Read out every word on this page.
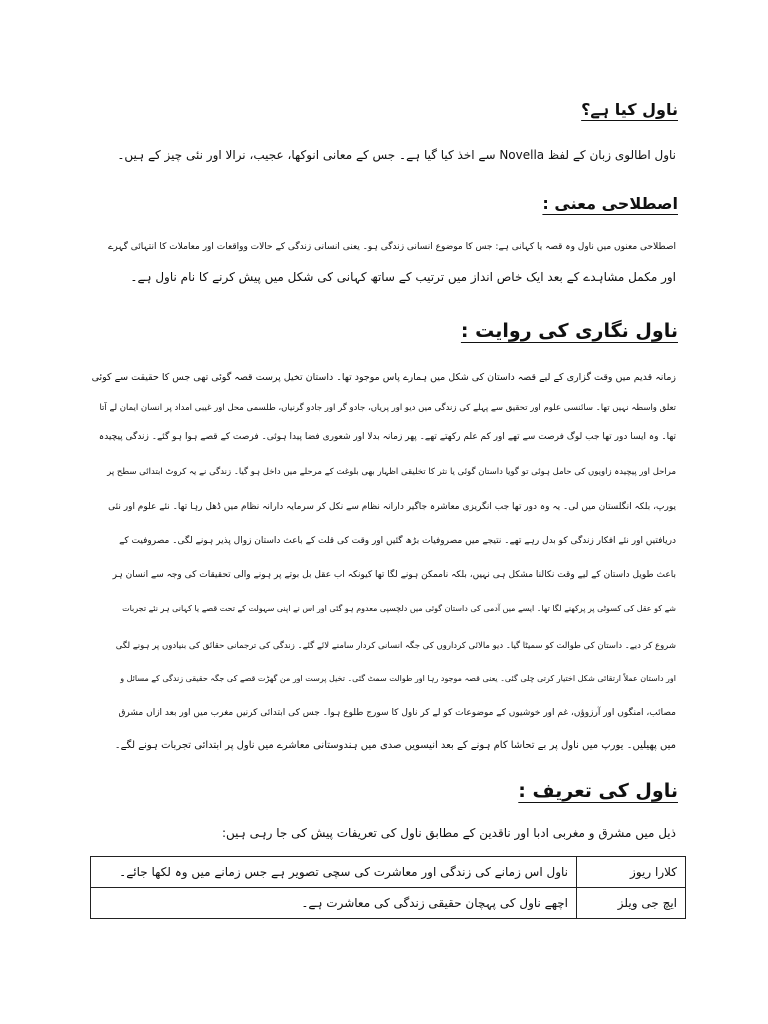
ناول کیا ہے؟
ناول اطالوی زبان کے لفظ Novella سے اخذ کیا گیا ہے۔ جس کے معانی انوکھا، عجیب، نرالا اور نئی چیز کے ہیں۔
اصطلاحی معنی :
اصطلاحی معنوں میں ناول وہ قصہ یا کہانی ہے: جس کا موضوع انسانی زندگی ہو۔ یعنی انسانی زندگی کے حالات وواقعات اور معاملات کا انتہائی گہرے
اور مکمل مشاہدے کے بعد ایک خاص انداز میں ترتیب کے ساتھ کہانی کی شکل میں پیش کرنے کا نام ناول ہے۔
ناول نگاری کی روایت :
زمانہ قدیم میں وقت گزاری کے لیے قصہ داستان کی شکل میں ہمارے پاس موجود تھا۔ داستان تخیل پرست قصہ گوئی تھی جس کا حقیقت سے کوئی
تعلق واسطہ نہیں تھا۔ سائنسی علوم اور تحقیق سے پہلے کی زندگی میں دیو اور پریاں، جادو گر اور جادو گرنیاں، طلسمی محل اور غیبی امداد پر انسان ایمان لے آتا
تھا۔ وہ ایسا دور تھا جب لوگ فرصت سے تھے اور کم علم رکھتے تھے۔ پھر زمانہ بدلا اور شعوری فضا پیدا ہوئی۔ فرصت کے قصے ہوا ہو گئے۔ زندگی پیچیدہ
مراحل اور پیچیدہ زاویوں کی حامل ہوئی تو گویا داستان گوئی یا نثر کا تخلیقی اظہار بھی بلوغت کے مرحلے میں داخل ہو گیا۔ زندگی نے یہ کروٹ ابتدائی سطح پر
یورپ، بلکہ انگلستان میں لی۔ یہ وہ دور تھا جب انگریزی معاشرہ جاگیر دارانہ نظام سے نکل کر سرمایہ دارانہ نظام میں ڈھل رہا تھا۔ نئے علوم اور نئی
دریافتیں اور نئے افکار زندگی کو بدل رہے تھے۔ نتیجے میں مصروفیات بڑھ گئیں اور وقت کی قلت کے باعث داستان زوال پذیر ہونے لگی۔ مصروفیت کے
باعث طویل داستان کے لیے وقت نکالنا مشکل ہی نہیں، بلکہ ناممکن ہونے لگا تھا کیونکہ اب عقل بل بوتے پر ہونے والی تحقیقات کی وجہ سے انسان ہر
شے کو عقل کی کسوٹی پر پرکھنے لگا تھا۔ ایسے میں آدمی کی داستان گوئی میں دلچسپی معدوم ہو گئی اور اس نے اپنی سہولت کے تحت قصے یا کہانی ہر نئے تجربات
شروع کر دیے۔ داستان کی طوالت کو سمیٹا گیا۔ دیو مالائی کرداروں کی جگہ انسانی کردار سامنے لائے گئے۔ زندگی کی ترجمانی حقائق کی بنیادوں پر ہونے لگی
اور داستان عملاً ارتقائی شکل اختیار کرتی چلی گئی۔ یعنی قصہ موجود رہا اور طوالت سمٹ گئی۔ تخیل پرست اور من گھڑت قصے کی جگہ حقیقی زندگی کے مسائل و
مصائب، امنگوں اور آرزوؤں، غم اور خوشیوں کے موضوعات کو لے کر ناول کا سورج طلوع ہوا۔ جس کی ابتدائی کرنیں مغرب میں اور بعد ازاں مشرق
میں پھیلیں۔ یورپ میں ناول پر بے تحاشا کام ہونے کے بعد انیسویں صدی میں ہندوستانی معاشرے میں ناول پر ابتدائی تجربات ہونے لگے۔
ناول کی تعریف :
ذیل میں مشرق و مغربی ادبا اور ناقدین کے مطابق ناول کی تعریفات پیش کی جا رہی ہیں:
کلارا ریوز	ناول اس زمانے کی زندگی اور معاشرت کی سچی تصویر ہے جس زمانے میں وہ لکھا جائے۔
ایچ جی ویلز	اچھے ناول کی پہچان حقیقی زندگی کی معاشرت ہے۔
